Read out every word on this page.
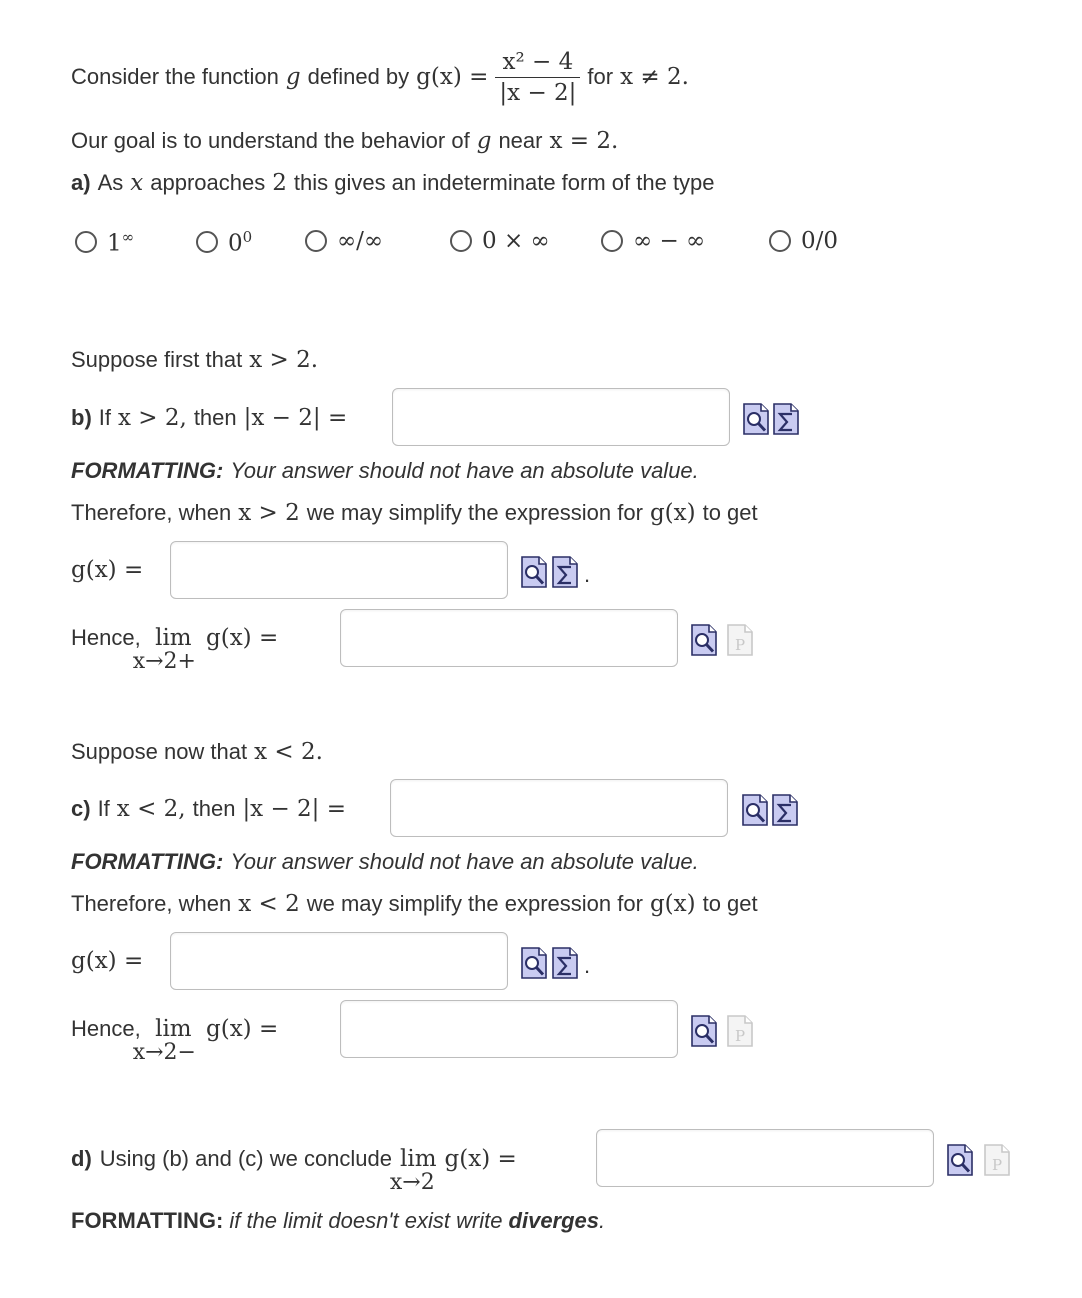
Consider the function g defined by $g(x) = \frac{\text{x² − 4}}{|x - 2|}$ for x ≠ 2.
Our goal is to understand the behavior of g near x = 2.
a) As x approaches 2 this gives an indeterminate form of the type
1∞	$0^0$	∞/∞	0 × ∞	∞ − ∞	0/0
Suppose first that x > 2.
b) If x > 2, then |x − 2| =
FORMATTING: Your answer should not have an absolute value.
Therefore, when x > 2 we may simplify the expression for g(x) to get
g(x) =	.
Hence, lim
x→2+
g(x) =
Suppose now that x < 2.
c) If x < 2, then |x − 2| =
FORMATTING: Your answer should not have an absolute value.
Therefore, when x < 2 we may simplify the expression for g(x) to get
g(x) =	.
Hence, lim
x→2−
g(x) =
d) Using (b) and (c) we conclude lim
x→2
g(x) =
FORMATTING: if the limit doesn't exist write diverges .
